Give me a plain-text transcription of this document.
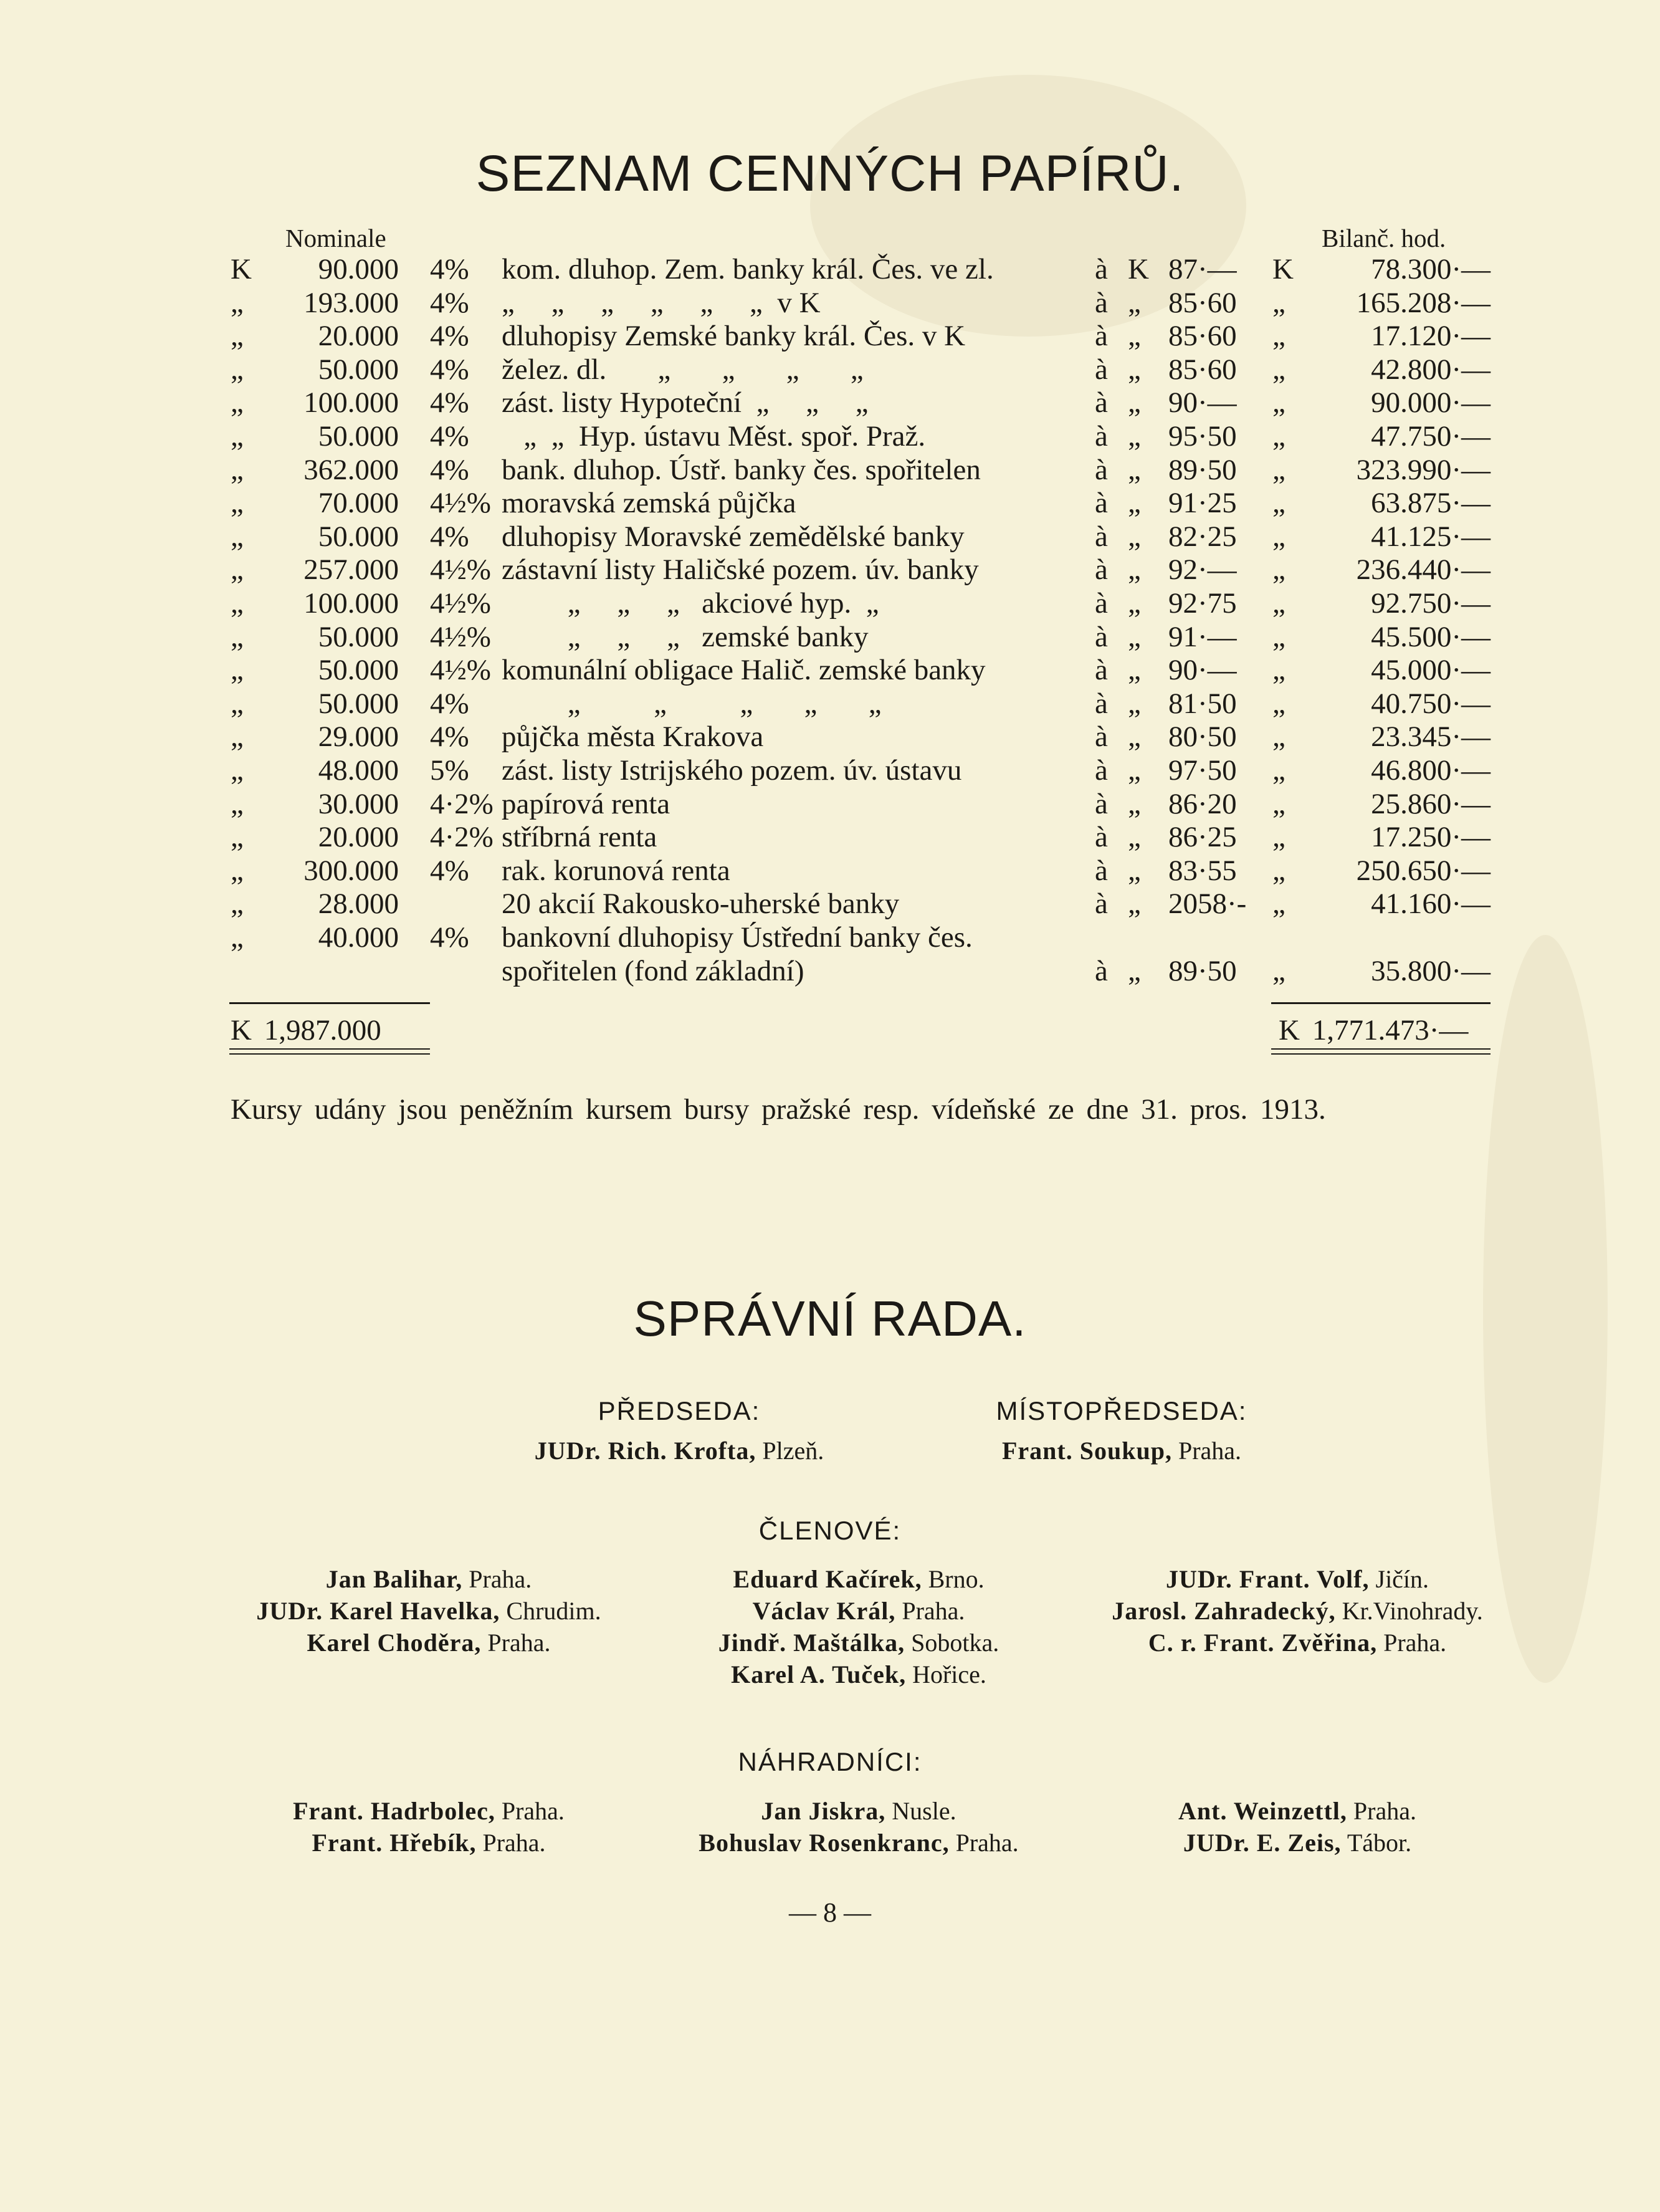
SEZNAM CENNÝCH PAPÍRŮ.
Nominale	Bilanč. hod.
K	90.000 4%	kom. dluhop. Zem. banky král. Čes. ve zl.	à K 87·—	K	78.300·—
„	193.000 4%	„     „     „     „     „     „  v K	à „ 85·60	„	165.208·—
„	20.000 4%	dluhopisy Zemské banky král. Čes. v K	à „ 85·60	„	17.120·—
„	50.000 4%	želez. dl.       „       „       „       „	à „ 85·60	„	42.800·—
„	100.000 4%	zást. listy Hypoteční  „     „     „	à „ 90·—	„	90.000·—
„	50.000 4%	„  „  Hyp. ústavu Měst. spoř. Praž.	à „ 95·50	„	47.750·—
„	362.000 4%	bank. dluhop. Ústř. banky čes. spořitelen	à „ 89·50	„	323.990·—
„	70.000 4½% moravská zemská půjčka	à „ 91·25	„	63.875·—
„	50.000 4%	dluhopisy Moravské zemědělské banky	à „ 82·25	„	41.125·—
„	257.000 4½% zástavní listy Haličské pozem. úv. banky	à „ 92·—	„	236.440·—
„	100.000 4½% „     „     „   akciové hyp.  „	à „ 92·75	„	92.750·—
„	50.000 4½% „     „     „   zemské banky	à „ 91·—	„	45.500·—
„	50.000 4½% komunální obligace Halič. zemské banky	à „ 90·—	„	45.000·—
„	50.000 4%	„          „          „       „       „	à „ 81·50	„	40.750·—
„	29.000 4%	půjčka města Krakova	à „ 80·50	„	23.345·—
„	48.000 5%	zást. listy Istrijského pozem. úv. ústavu	à „ 97·50	„	46.800·—
„	30.000 4·2% papírová renta	à „ 86·20	„	25.860·—
„	20.000 4·2% stříbrná renta	à „ 86·25	„	17.250·—
„	300.000 4%	rak. korunová renta	à „ 83·55	„	250.650·—
„	28.000	20 akcií Rakousko-uherské banky	à „ 2058·- „	41.160·—
„	40.000 4%	bankovní dluhopisy Ústřední banky čes.
spořitelen (fond základní)	à „ 89·50	„	35.800·—
K 1,987.000	K 1,771.473·—
Kursy udány jsou peněžním kursem bursy pražské resp. vídeňské ze dne 31. pros. 1913.
SPRÁVNÍ RADA.
PŘEDSEDA:
JUDr. Rich. Krofta, Plzeň.
MÍSTOPŘEDSEDA:
Frant. Soukup, Praha.
ČLENOVÉ:
Jan Balihar, Praha.
JUDr. Karel Havelka, Chrudim.
Karel Choděra, Praha.
Eduard Kačírek, Brno.
Václav Král, Praha.
Jindř. Maštálka, Sobotka.
Karel A. Tuček, Hořice.
JUDr. Frant. Volf, Jičín.
Jarosl. Zahradecký, Kr.Vinohrady.
C. r. Frant. Zvěřina, Praha.
NÁHRADNÍCI:
Frant. Hadrbolec, Praha.
Frant. Hřebík, Praha.
Jan Jiskra, Nusle.
Bohuslav Rosenkranc, Praha.
Ant. Weinzettl, Praha.
JUDr. E. Zeis, Tábor.
— 8 —
